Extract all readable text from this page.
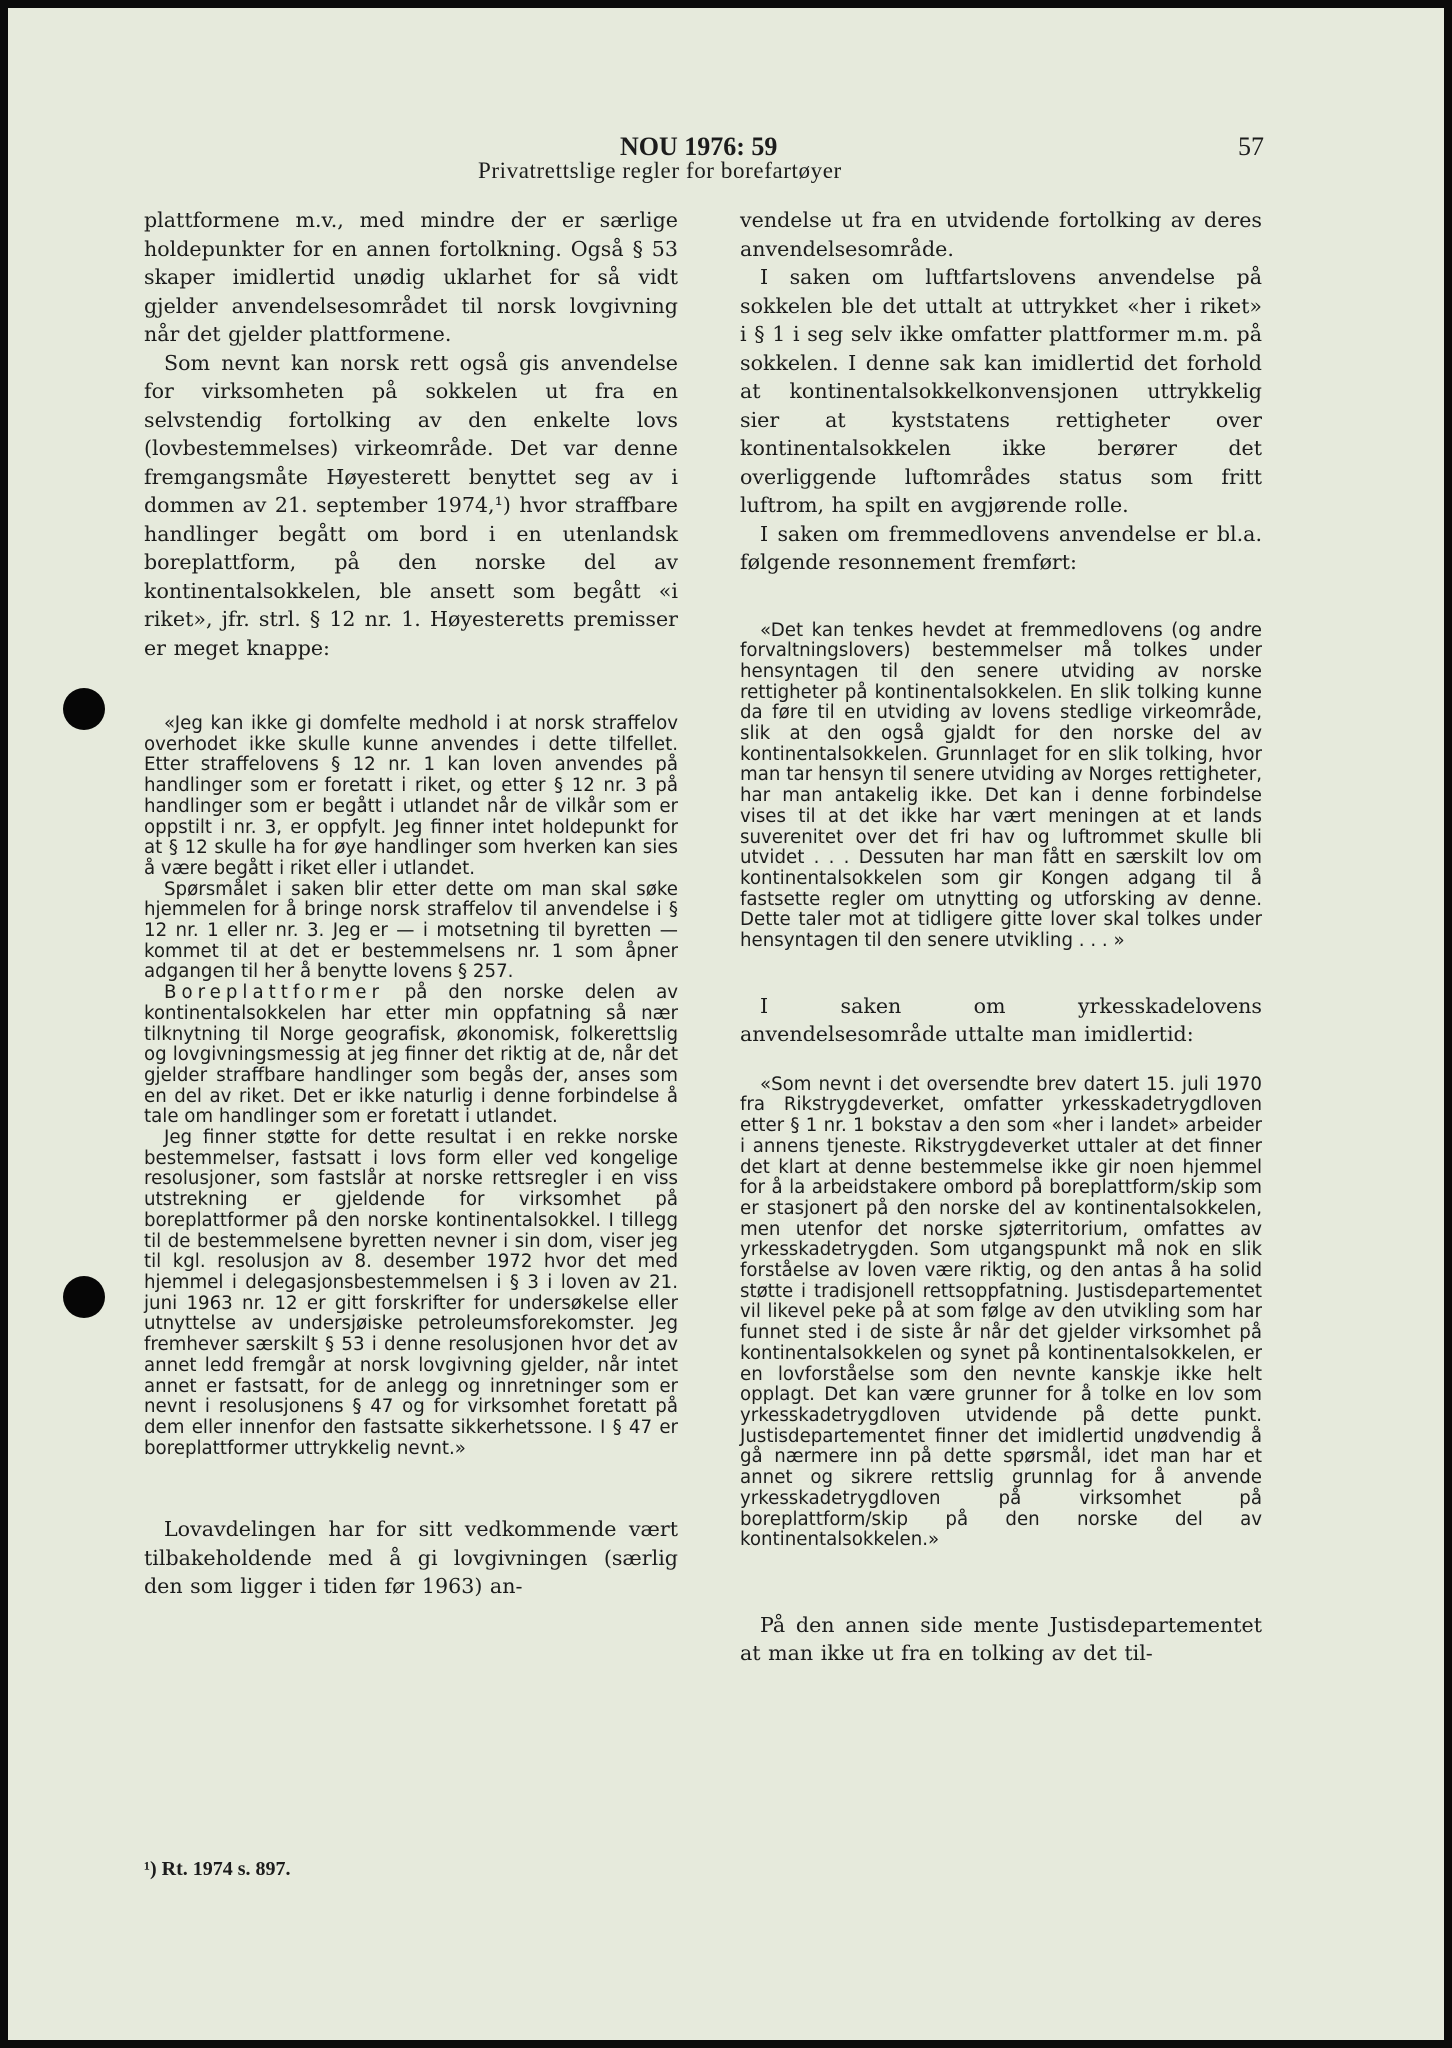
NOU 1976: 59	57
Privatrettslige regler for borefartøyer

plattformene m.v., med mindre der er særlige holdepunkter for en annen fortolkning. Også § 53 skaper imidlertid unødig uklarhet for så vidt gjelder anvendelsesområdet til norsk lovgivning når det gjelder plattformene.

Som nevnt kan norsk rett også gis anvendelse for virksomheten på sokkelen ut fra en selvstendig fortolking av den enkelte lovs (lovbestemmelses) virkeområde. Det var denne fremgangsmåte Høyesterett benyttet seg av i dommen av 21. september 1974,¹) hvor straffbare handlinger begått om bord i en utenlandsk boreplattform, på den norske del av kontinentalsokkelen, ble ansett som begått «i riket», jfr. strl. § 12 nr. 1. Høyesteretts premisser er meget knappe:

«Jeg kan ikke gi domfelte medhold i at norsk straffelov overhodet ikke skulle kunne anvendes i dette tilfellet. Etter straffelovens § 12 nr. 1 kan loven anvendes på handlinger som er foretatt i riket, og etter § 12 nr. 3 på handlinger som er begått i utlandet når de vilkår som er oppstilt i nr. 3, er oppfylt. Jeg finner intet holdepunkt for at § 12 skulle ha for øye handlinger som hverken kan sies å være begått i riket eller i utlandet.

Spørsmålet i saken blir etter dette om man skal søke hjemmelen for å bringe norsk straffelov til anvendelse i § 12 nr. 1 eller nr. 3. Jeg er — i motsetning til byretten — kommet til at det er bestemmelsens nr. 1 som åpner adgangen til her å benytte lovens § 257.

Boreplattformer på den norske delen av kontinentalsokkelen har etter min oppfatning så nær tilknytning til Norge geografisk, økonomisk, folkerettslig og lovgivningsmessig at jeg finner det riktig at de, når det gjelder straffbare handlinger som begås der, anses som en del av riket. Det er ikke naturlig i denne forbindelse å tale om handlinger som er foretatt i utlandet.

Jeg finner støtte for dette resultat i en rekke norske bestemmelser, fastsatt i lovs form eller ved kongelige resolusjoner, som fastslår at norske rettsregler i en viss utstrekning er gjeldende for virksomhet på boreplattformer på den norske kontinentalsokkel. I tillegg til de bestemmelsene byretten nevner i sin dom, viser jeg til kgl. resolusjon av 8. desember 1972 hvor det med hjemmel i delegasjonsbestemmelsen i § 3 i loven av 21. juni 1963 nr. 12 er gitt forskrifter for undersøkelse eller utnyttelse av undersjøiske petroleumsforekomster. Jeg fremhever særskilt § 53 i denne resolusjonen hvor det av annet ledd fremgår at norsk lovgivning gjelder, når intet annet er fastsatt, for de anlegg og innretninger som er nevnt i resolusjonens § 47 og for virksomhet foretatt på dem eller innenfor den fastsatte sikkerhetssone. I § 47 er boreplattformer uttrykkelig nevnt.»

Lovavdelingen har for sitt vedkommende vært tilbakeholdende med å gi lovgivningen (særlig den som ligger i tiden før 1963) an-

vendelse ut fra en utvidende fortolking av deres anvendelsesområde.

I saken om luftfartslovens anvendelse på sokkelen ble det uttalt at uttrykket «her i riket» i § 1 i seg selv ikke omfatter plattformer m.m. på sokkelen. I denne sak kan imidlertid det forhold at kontinentalsokkelkonvensjonen uttrykkelig sier at kyststatens rettigheter over kontinentalsokkelen ikke berører det overliggende luftområdes status som fritt luftrom, ha spilt en avgjørende rolle.

I saken om fremmedlovens anvendelse er bl.a. følgende resonnement fremført:

«Det kan tenkes hevdet at fremmedlovens (og andre forvaltningslovers) bestemmelser må tolkes under hensyntagen til den senere utviding av norske rettigheter på kontinentalsokkelen. En slik tolking kunne da føre til en utviding av lovens stedlige virkeområde, slik at den også gjaldt for den norske del av kontinentalsokkelen. Grunnlaget for en slik tolking, hvor man tar hensyn til senere utviding av Norges rettigheter, har man antakelig ikke. Det kan i denne forbindelse vises til at det ikke har vært meningen at et lands suverenitet over det fri hav og luftrommet skulle bli utvidet . . . Dessuten har man fått en særskilt lov om kontinentalsokkelen som gir Kongen adgang til å fastsette regler om utnytting og utforsking av denne. Dette taler mot at tidligere gitte lover skal tolkes under hensyntagen til den senere utvikling . . . »

I saken om yrkesskadelovens anvendelsesområde uttalte man imidlertid:

«Som nevnt i det oversendte brev datert 15. juli 1970 fra Rikstrygdeverket, omfatter yrkesskadetrygdloven etter § 1 nr. 1 bokstav a den som «her i landet» arbeider i annens tjeneste. Rikstrygdeverket uttaler at det finner det klart at denne bestemmelse ikke gir noen hjemmel for å la arbeidstakere ombord på boreplattform/skip som er stasjonert på den norske del av kontinentalsokkelen, men utenfor det norske sjøterritorium, omfattes av yrkesskadetrygden. Som utgangspunkt må nok en slik forståelse av loven være riktig, og den antas å ha solid støtte i tradisjonell rettsoppfatning. Justisdepartementet vil likevel peke på at som følge av den utvikling som har funnet sted i de siste år når det gjelder virksomhet på kontinentalsokkelen og synet på kontinentalsokkelen, er en lovforståelse som den nevnte kanskje ikke helt opplagt. Det kan være grunner for å tolke en lov som yrkesskadetrygdloven utvidende på dette punkt. Justisdepartementet finner det imidlertid unødvendig å gå nærmere inn på dette spørsmål, idet man har et annet og sikrere rettslig grunnlag for å anvende yrkesskadetrygdloven på virksomhet på boreplattform/skip på den norske del av kontinentalsokkelen.»

På den annen side mente Justisdepartementet at man ikke ut fra en tolking av det til-

¹) Rt. 1974 s. 897.
